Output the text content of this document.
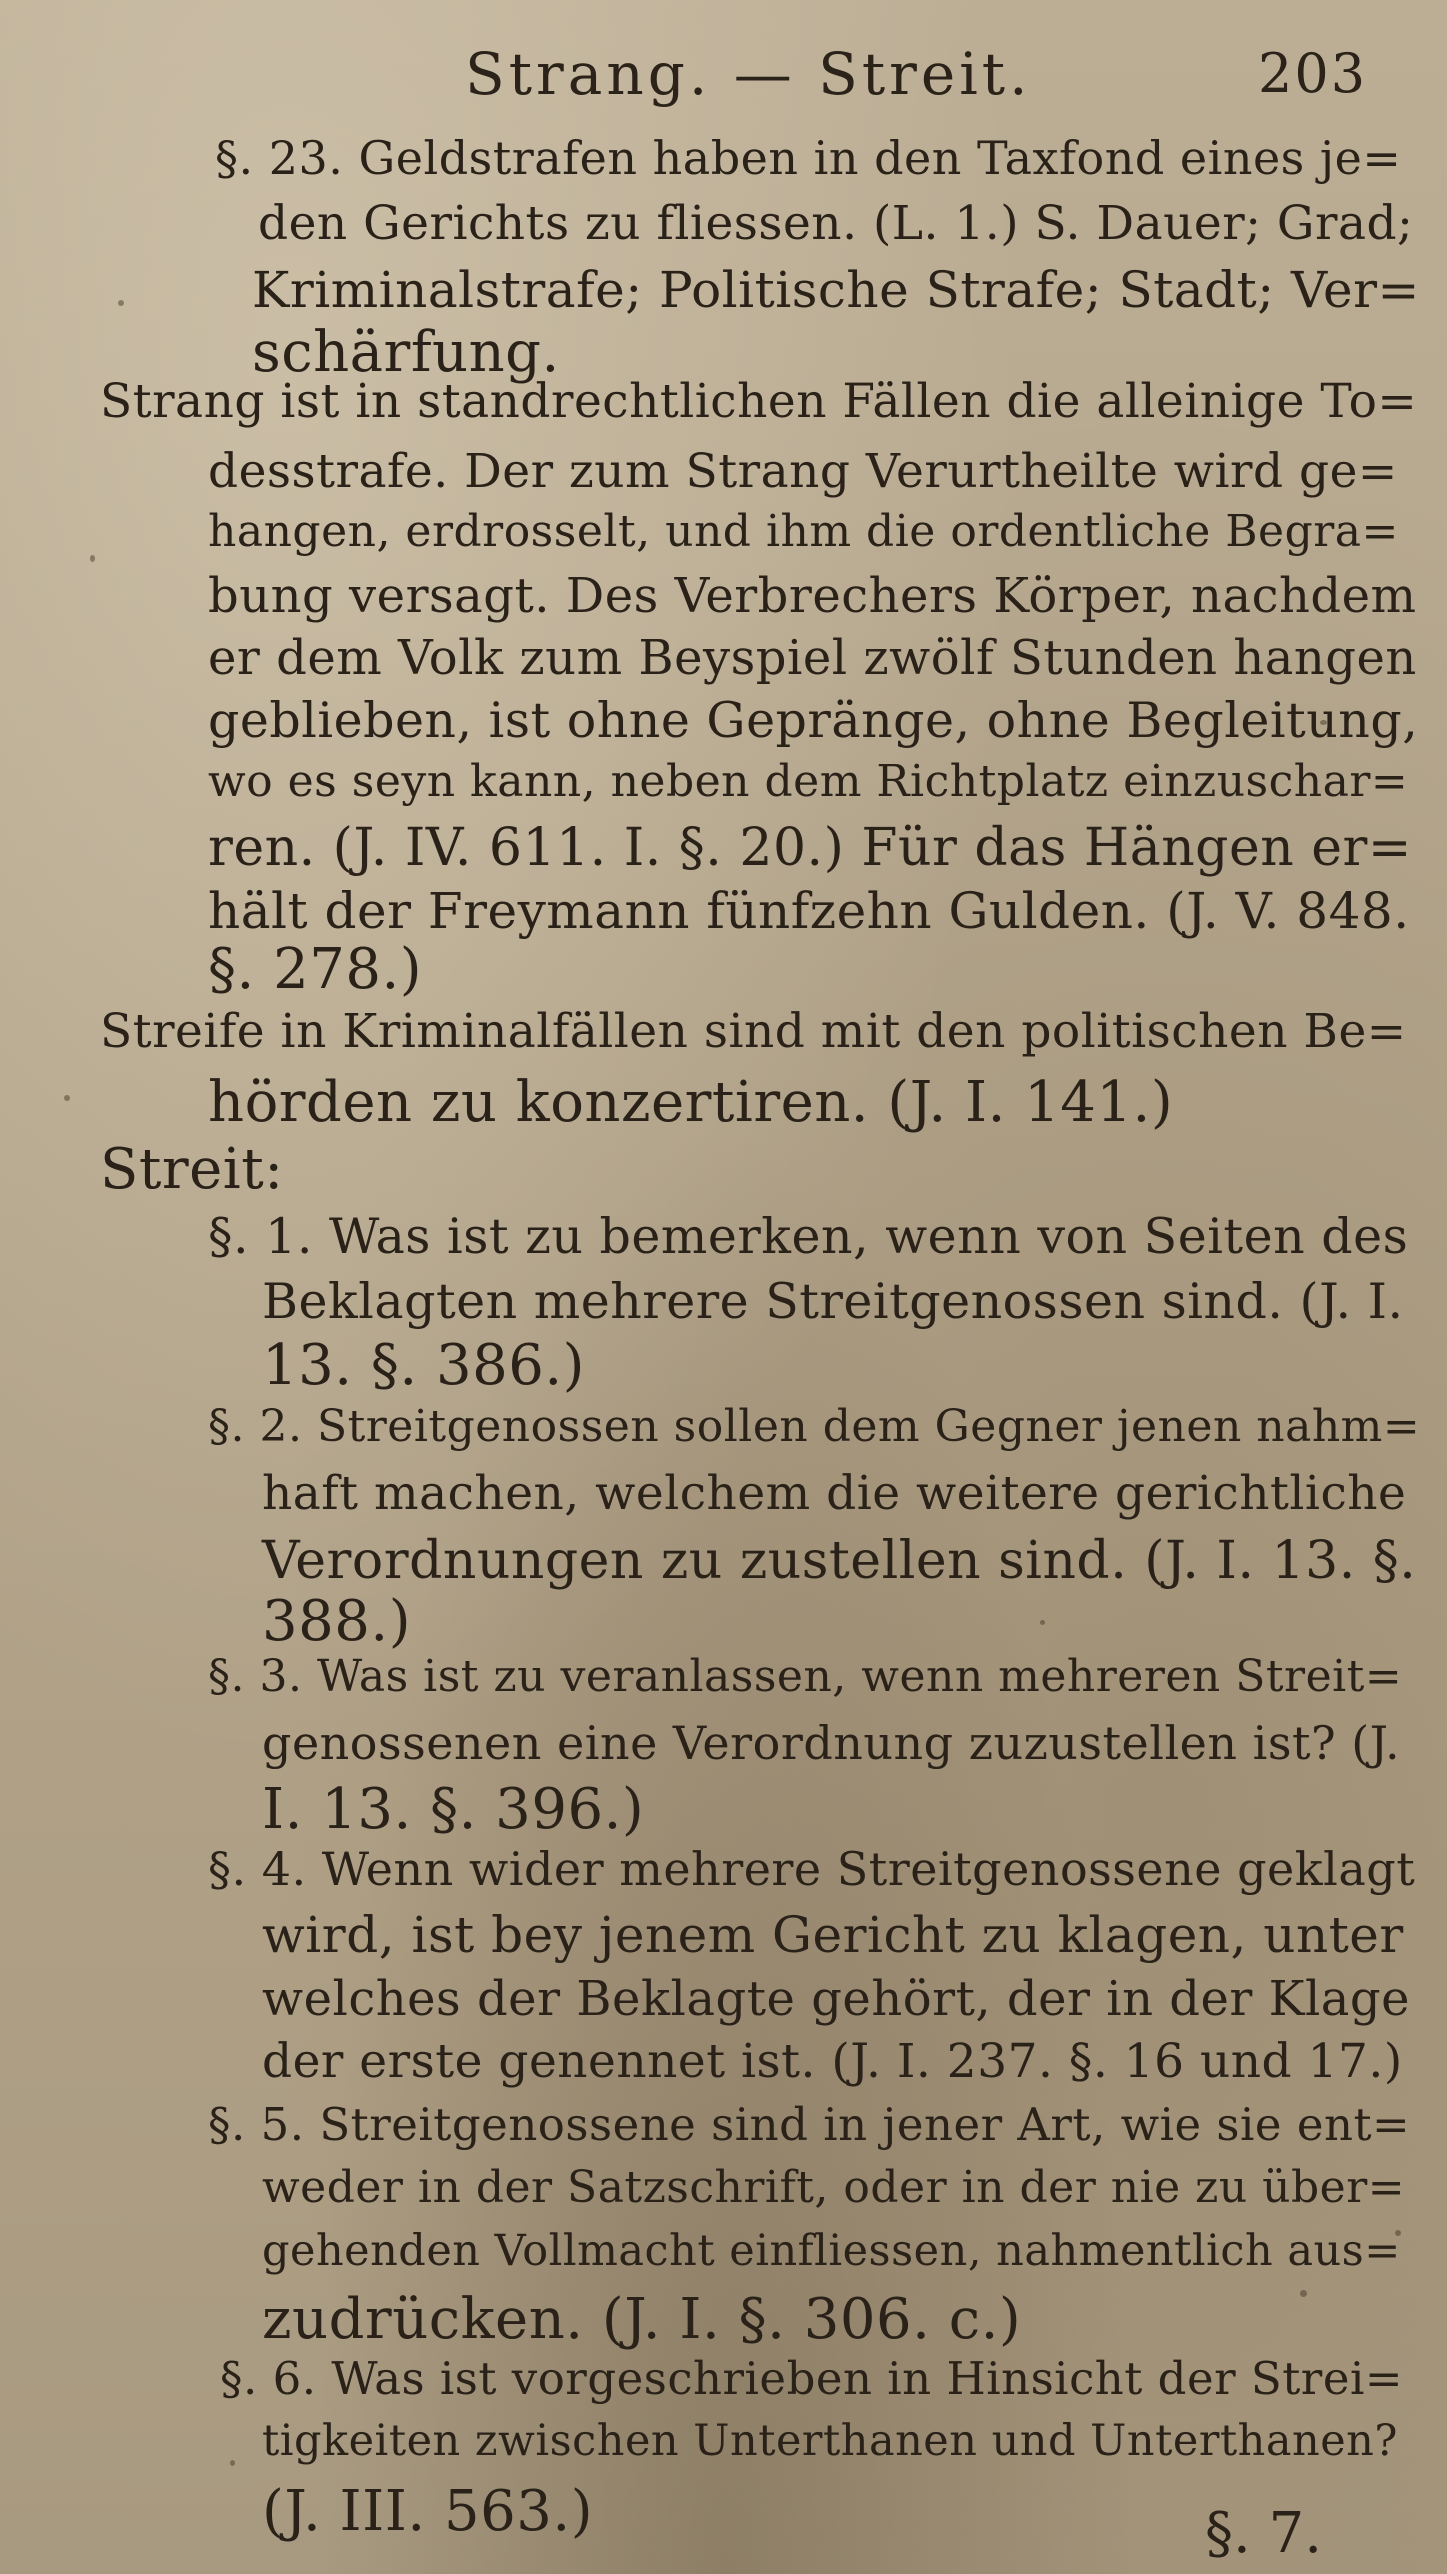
Strang. — Streit.	203
§. 23. Geldstrafen haben in den Taxfond eines je=
den Gerichts zu fliessen. (L. 1.) S. Dauer; Grad;
Kriminalstrafe; Politische Strafe; Stadt; Ver=
schärfung.
Strang ist in standrechtlichen Fällen die alleinige To=
desstrafe. Der zum Strang Verurtheilte wird ge=
hangen, erdrosselt, und ihm die ordentliche Begra=
bung versagt. Des Verbrechers Körper, nachdem
er dem Volk zum Beyspiel zwölf Stunden hangen
geblieben, ist ohne Gepränge, ohne Begleitung,
wo es seyn kann, neben dem Richtplatz einzuschar=
ren. (J. IV. 611. I. §. 20.) Für das Hängen er=
hält der Freymann fünfzehn Gulden. (J. V. 848.
§. 278.)
Streife in Kriminalfällen sind mit den politischen Be=
hörden zu konzertiren. (J. I. 141.)
Streit:
§. 1. Was ist zu bemerken, wenn von Seiten des
Beklagten mehrere Streitgenossen sind. (J. I.
13. §. 386.)
§. 2. Streitgenossen sollen dem Gegner jenen nahm=
haft machen, welchem die weitere gerichtliche
Verordnungen zu zustellen sind. (J. I. 13. §.
388.)
§. 3. Was ist zu veranlassen, wenn mehreren Streit=
genossenen eine Verordnung zuzustellen ist? (J.
I. 13. §. 396.)
§. 4. Wenn wider mehrere Streitgenossene geklagt
wird, ist bey jenem Gericht zu klagen, unter
welches der Beklagte gehört, der in der Klage
der erste genennet ist. (J. I. 237. §. 16 und 17.)
§. 5. Streitgenossene sind in jener Art, wie sie ent=
weder in der Satzschrift, oder in der nie zu über=
gehenden Vollmacht einfliessen, nahmentlich aus=
zudrücken. (J. I. §. 306. c.)
§. 6. Was ist vorgeschrieben in Hinsicht der Strei=
tigkeiten zwischen Unterthanen und Unterthanen?
(J. III. 563.)	§. 7.
